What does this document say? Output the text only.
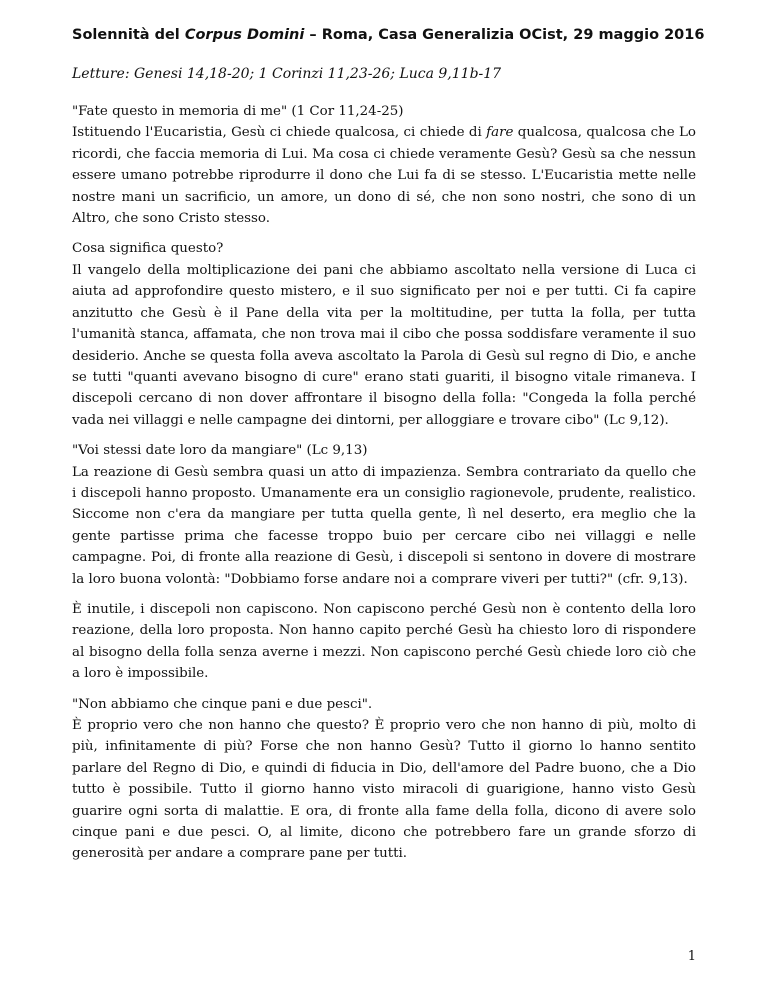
Solennità del Corpus Domini – Roma, Casa Generalizia OCist, 29 maggio 2016
Letture: Genesi 14,18-20; 1 Corinzi 11,23-26; Luca 9,11b-17

"Fate questo in memoria di me" (1 Cor 11,24-25)
Istituendo l'Eucaristia, Gesù ci chiede qualcosa, ci chiede di fare qualcosa, qualcosa che Lo ricordi, che faccia memoria di Lui. Ma cosa ci chiede veramente Gesù? Gesù sa che nessun essere umano potrebbe riprodurre il dono che Lui fa di se stesso. L'Eucaristia mette nelle nostre mani un sacrificio, un amore, un dono di sé, che non sono nostri, che sono di un Altro, che sono Cristo stesso.

Cosa significa questo?
Il vangelo della moltiplicazione dei pani che abbiamo ascoltato nella versione di Luca ci aiuta ad approfondire questo mistero, e il suo significato per noi e per tutti. Ci fa capire anzitutto che Gesù è il Pane della vita per la moltitudine, per tutta la folla, per tutta l'umanità stanca, affamata, che non trova mai il cibo che possa soddisfare veramente il suo desiderio. Anche se questa folla aveva ascoltato la Parola di Gesù sul regno di Dio, e anche se tutti "quanti avevano bisogno di cure" erano stati guariti, il bisogno vitale rimaneva. I discepoli cercano di non dover affrontare il bisogno della folla: "Congeda la folla perché vada nei villaggi e nelle campagne dei dintorni, per alloggiare e trovare cibo" (Lc 9,12).

"Voi stessi date loro da mangiare" (Lc 9,13)
La reazione di Gesù sembra quasi un atto di impazienza. Sembra contrariato da quello che i discepoli hanno proposto. Umanamente era un consiglio ragionevole, prudente, realistico. Siccome non c'era da mangiare per tutta quella gente, lì nel deserto, era meglio che la gente partisse prima che facesse troppo buio per cercare cibo nei villaggi e nelle campagne. Poi, di fronte alla reazione di Gesù, i discepoli si sentono in dovere di mostrare la loro buona volontà: "Dobbiamo forse andare noi a comprare viveri per tutti?" (cfr. 9,13).

È inutile, i discepoli non capiscono. Non capiscono perché Gesù non è contento della loro reazione, della loro proposta. Non hanno capito perché Gesù ha chiesto loro di rispondere al bisogno della folla senza averne i mezzi. Non capiscono perché Gesù chiede loro ciò che a loro è impossibile.

"Non abbiamo che cinque pani e due pesci".
È proprio vero che non hanno che questo? È proprio vero che non hanno di più, molto di più, infinitamente di più? Forse che non hanno Gesù? Tutto il giorno lo hanno sentito parlare del Regno di Dio, e quindi di fiducia in Dio, dell'amore del Padre buono, che a Dio tutto è possibile. Tutto il giorno hanno visto miracoli di guarigione, hanno visto Gesù guarire ogni sorta di malattie. E ora, di fronte alla fame della folla, dicono di avere solo cinque pani e due pesci. O, al limite, dicono che potrebbero fare un grande sforzo di generosità per andare a comprare pane per tutti.

1
